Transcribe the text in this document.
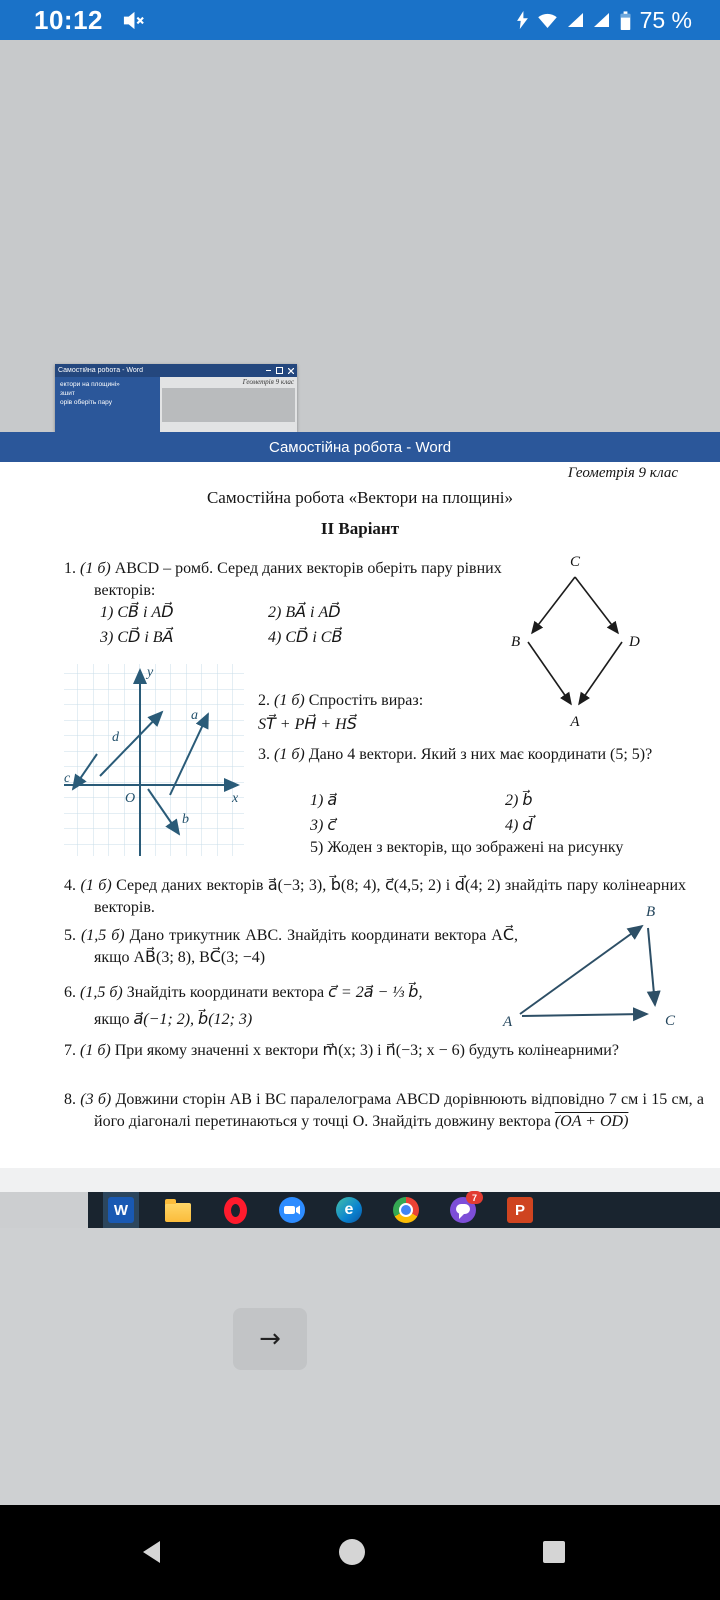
10:12	75 %
Самостійна робота - Word
ектори на площині»
зшит
орів оберіть пару
Геометрія 9 клас
Самостійна робота - Word
Геометрія 9 клас
Самостійна робота «Вектори на площині»
ІІ Варіант
1. (1 б) ABCD – ромб. Серед даних векторів оберіть пару рівних векторів:
1) CB⃗ і AD⃗	2) BA⃗ і AD⃗
3) CD⃗ і BA⃗	4) CD⃗ і CB⃗
C
B	D
A
y
x
O
a⃗
b⃗
c⃗
d⃗
2. (1 б) Спростіть вираз:
ST⃗ + PH⃗ + HS⃗
3. (1 б) Дано 4 вектори. Який з них має координати (5; 5)?
1) a⃗	2) b⃗
3) c⃗	4) d⃗
5) Жоден з векторів, що зображені на рисунку
4. (1 б) Серед даних векторів a⃗(−3; 3), b⃗(8; 4), c⃗(4,5; 2) і d⃗(4; 2) знайдіть пару колінеарних векторів.
5. (1,5 б) Дано трикутник ABC. Знайдіть координати вектора AC⃗, якщо AB⃗(3; 8), BC⃗(3; −4)
B
A	C
6. (1,5 б) Знайдіть координати вектора c⃗ = 2a⃗ − ⅓ b⃗,
якщо a⃗(−1; 2), b⃗(12; 3)
7. (1 б) При якому значенні x вектори m⃗(x; 3) і n⃗(−3; x − 6) будуть колінеарними?
8. (3 б) Довжини сторін AB і BC паралелограма ABCD дорівнюють відповідно 7 см і 15 см, а його діагоналі перетинаються у точці O. Знайдіть довжину вектора (OA + OD)
W	e
7
P
→
